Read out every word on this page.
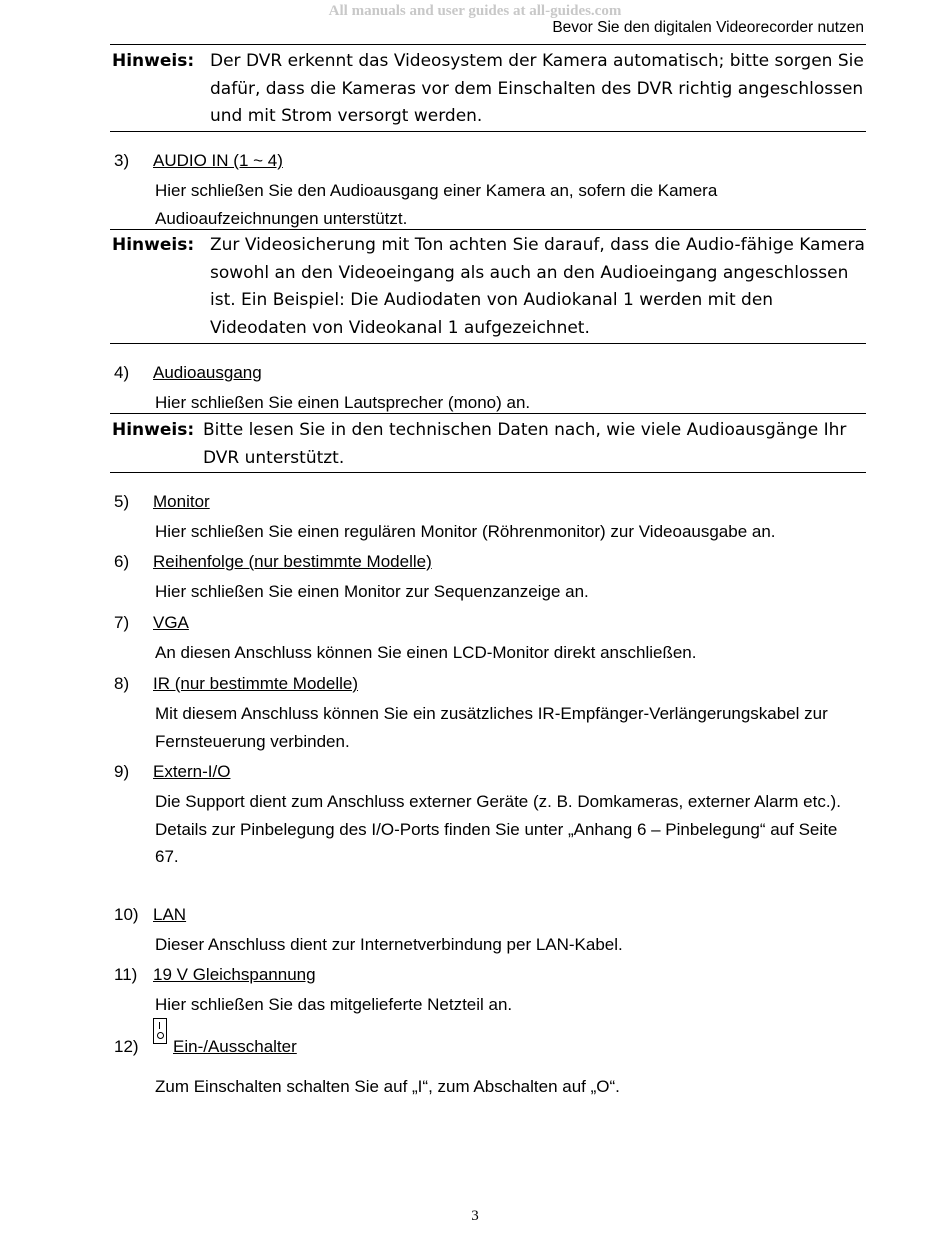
All manuals and user guides at all-guides.com
Bevor Sie den digitalen Videorecorder nutzen
Hinweis: Der DVR erkennt das Videosystem der Kamera automatisch; bitte sorgen Sie dafür, dass die Kameras vor dem Einschalten des DVR richtig angeschlossen und mit Strom versorgt werden.
3) AUDIO IN (1 ~ 4)

Hier schließen Sie den Audioausgang einer Kamera an, sofern die Kamera Audioaufzeichnungen unterstützt.

Hinweis: Zur Videosicherung mit Ton achten Sie darauf, dass die Audio-fähige Kamera sowohl an den Videoeingang als auch an den Audioeingang angeschlossen ist. Ein Beispiel: Die Audiodaten von Audiokanal 1 werden mit den Videodaten von Videokanal 1 aufgezeichnet.
4) Audioausgang

Hier schließen Sie einen Lautsprecher (mono) an.

Hinweis: Bitte lesen Sie in den technischen Daten nach, wie viele Audioausgänge Ihr DVR unterstützt.
5) Monitor

Hier schließen Sie einen regulären Monitor (Röhrenmonitor) zur Videoausgabe an.

6) Reihenfolge (nur bestimmte Modelle)

Hier schließen Sie einen Monitor zur Sequenzanzeige an.

7) VGA

An diesen Anschluss können Sie einen LCD-Monitor direkt anschließen.

8) IR (nur bestimmte Modelle)

Mit diesem Anschluss können Sie ein zusätzliches IR-Empfänger-Verlängerungskabel zur Fernsteuerung verbinden.

9) Extern-I/O

Die Support dient zum Anschluss externer Geräte (z. B. Domkameras, externer Alarm etc.).

Details zur Pinbelegung des I/O-Ports finden Sie unter „Anhang 6 – Pinbelegung“ auf Seite 67.

10) LAN

Dieser Anschluss dient zur Internetverbindung per LAN-Kabel.

11) 19 V Gleichspannung

Hier schließen Sie das mitgelieferte Netzteil an.

12) Ein-/Ausschalter

Zum Einschalten schalten Sie auf „I“, zum Abschalten auf „O“.

3
